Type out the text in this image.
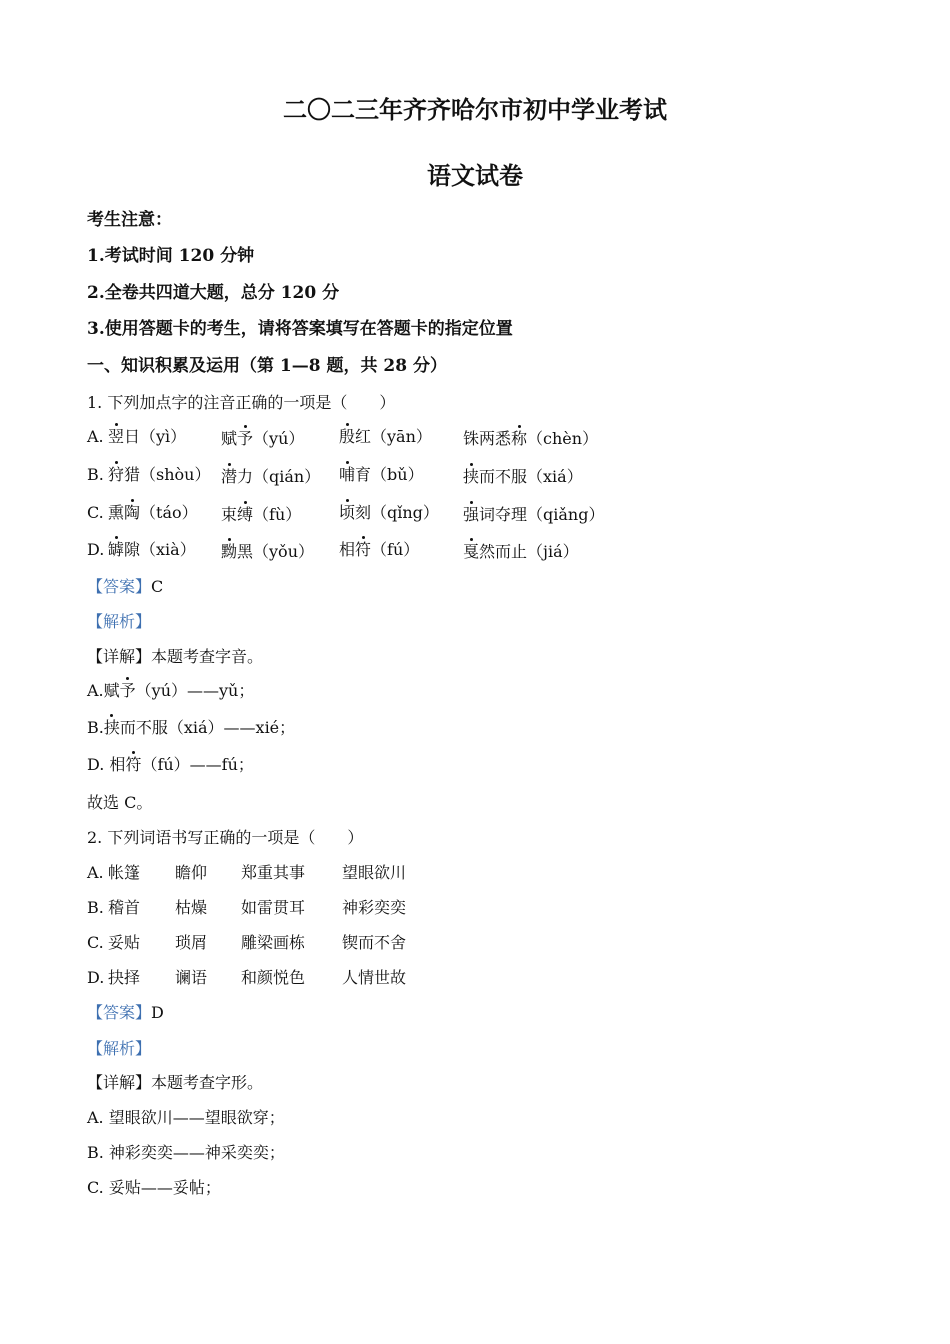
二〇二三年齐齐哈尔市初中学业考试
语文试卷
考生注意：
1.考试时间 120 分钟
2.全卷共四道大题，总分 120 分
3.使用答题卡的考生，请将答案填写在答题卡的指定位置
一、知识积累及运用（第 1—8 题，共 28 分）
1. 下列加点字的注音正确的一项是（　　）
A. 翌日（yì） 赋予（yú） 殷红（yān） 铢两悉称（chèn）
B. 狩猎（shòu） 潜力（qián） 哺育（bǔ） 挟而不服（xiá）
C. 熏陶（táo） 束缚（fù） 顷刻（qǐng） 强词夺理（qiǎng）
D. 罅隙（xià） 黝黑（yǒu） 相符（fú）	戛然而止（jiá）
【答案】C
【解析】
【详解】本题考查字音。
A.赋予（yú）——yǔ；
B.挟而不服（xiá）——xié；
D. 相符（fú）——fú；
故选 C。
2. 下列词语书写正确的一项是（　　）
A. 帐篷 瞻仰 郑重其事 望眼欲川
B. 稽首 枯燥 如雷贯耳 神彩奕奕
C. 妥贴 琐屑 雕梁画栋 锲而不舍
D. 抉择 谰语 和颜悦色 人情世故
【答案】D
【解析】
【详解】本题考查字形。
A. 望眼欲川——望眼欲穿；
B. 神彩奕奕——神采奕奕；
C. 妥贴——妥帖；
